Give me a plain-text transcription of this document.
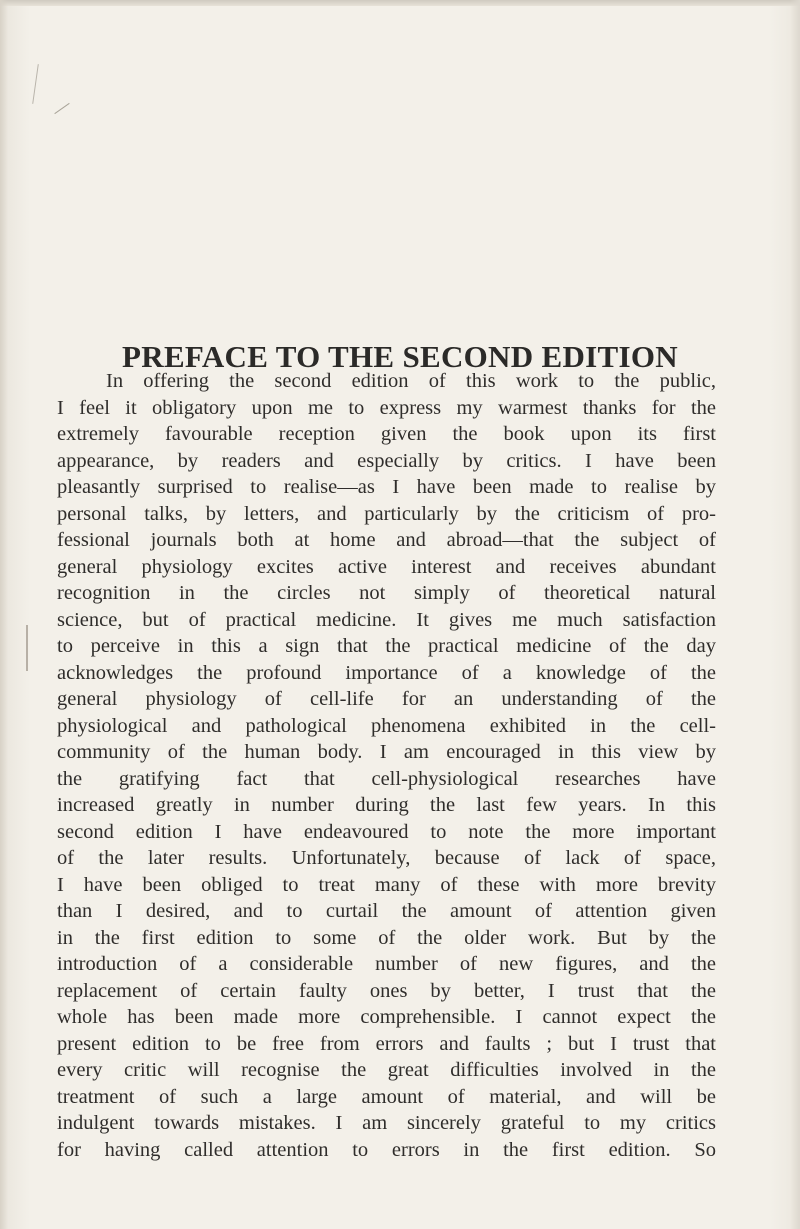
PREFACE TO THE SECOND EDITION
In offering the second edition of this work to the public,
I feel it obligatory upon me to express my warmest thanks for the
extremely favourable reception given the book upon its first
appearance, by readers and especially by critics. I have been
pleasantly surprised to realise—as I have been made to realise by
personal talks, by letters, and particularly by the criticism of pro-
fessional journals both at home and abroad—that the subject of
general physiology excites active interest and receives abundant
recognition in the circles not simply of theoretical natural
science, but of practical medicine. It gives me much satisfaction
to perceive in this a sign that the practical medicine of the day
acknowledges the profound importance of a knowledge of the
general physiology of cell-life for an understanding of the
physiological and pathological phenomena exhibited in the cell-
community of the human body. I am encouraged in this view by
the gratifying fact that cell-physiological researches have
increased greatly in number during the last few years. In this
second edition I have endeavoured to note the more important
of the later results. Unfortunately, because of lack of space,
I have been obliged to treat many of these with more brevity
than I desired, and to curtail the amount of attention given
in the first edition to some of the older work. But by the
introduction of a considerable number of new figures, and the
replacement of certain faulty ones by better, I trust that the
whole has been made more comprehensible. I cannot expect the
present edition to be free from errors and faults ; but I trust that
every critic will recognise the great difficulties involved in the
treatment of such a large amount of material, and will be
indulgent towards mistakes. I am sincerely grateful to my critics
for having called attention to errors in the first edition. So
